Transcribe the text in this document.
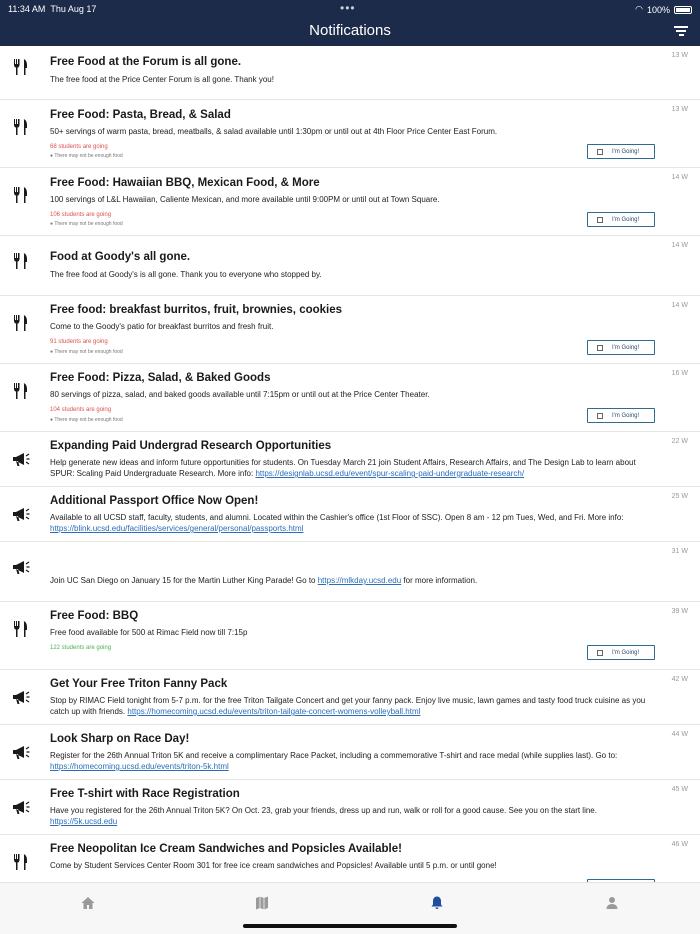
11:34 AM Thu Aug 17	•••	◠ 100%
Notifications
13 W
Free Food at the Forum is all gone.
The free food at the Price Center Forum is all gone. Thank you!
13 W
Free Food: Pasta, Bread, & Salad
50+ servings of warm pasta, bread, meatballs, & salad available until 1:30pm or until out at 4th Floor Price Center East Forum.
68 students are going
● There may not be enough food
I'm Going!
14 W
Free Food: Hawaiian BBQ, Mexican Food, & More
100 servings of L&L Hawaiian, Caliente Mexican, and more available until 9:00PM or until out at Town Square.
106 students are going
● There may not be enough food
I'm Going!
14 W
Food at Goody's all gone.
The free food at Goody's is all gone. Thank you to everyone who stopped by.
14 W
Free food: breakfast burritos, fruit, brownies, cookies
Come to the Goody's patio for breakfast burritos and fresh fruit.
91 students are going
● There may not be enough food
I'm Going!
16 W
Free Food: Pizza, Salad, & Baked Goods
80 servings of pizza, salad, and baked goods available until 7:15pm or until out at the Price Center Theater.
104 students are going
● There may not be enough food
I'm Going!
22 W
Expanding Paid Undergrad Research Opportunities
Help generate new ideas and inform future opportunities for students. On Tuesday March 21 join Student Affairs, Research Affairs, and The Design Lab to learn about SPUR: Scaling Paid Undergraduate Research. More info: https://designlab.ucsd.edu/event/spur-scaling-paid-undergraduate-research/
25 W
Additional Passport Office Now Open!
Available to all UCSD staff, faculty, students, and alumni. Located within the Cashier's office (1st Floor of SSC). Open 8 am - 12 pm Tues, Wed, and Fri. More info: https://blink.ucsd.edu/facilities/services/general/personal/passports.html
31 W
Join UC San Diego on January 15 for the Martin Luther King Parade! Go to https://mlkday.ucsd.edu for more information.
39 W
Free Food: BBQ
Free food available for 500 at Rimac Field now till 7:15p
122 students are going
I'm Going!
42 W
Get Your Free Triton Fanny Pack
Stop by RIMAC Field tonight from 5-7 p.m. for the free Triton Tailgate Concert and get your fanny pack. Enjoy live music, lawn games and tasty food truck cuisine as you catch up with friends. https://homecoming.ucsd.edu/events/triton-tailgate-concert-womens-volleyball.html
44 W
Look Sharp on Race Day!
Register for the 26th Annual Triton 5K and receive a complimentary Race Packet, including a commemorative T-shirt and race medal (while supplies last). Go to: https://homecoming.ucsd.edu/events/triton-5k.html
45 W
Free T-shirt with Race Registration
Have you registered for the 26th Annual Triton 5K? On Oct. 23, grab your friends, dress up and run, walk or roll for a good cause. See you on the start line. https://5k.ucsd.edu
46 W
Free Neopolitan Ice Cream Sandwiches and Popsicles Available!
Come by Student Services Center Room 301 for free ice cream sandwiches and Popsicles! Available until 5 p.m. or until gone!
